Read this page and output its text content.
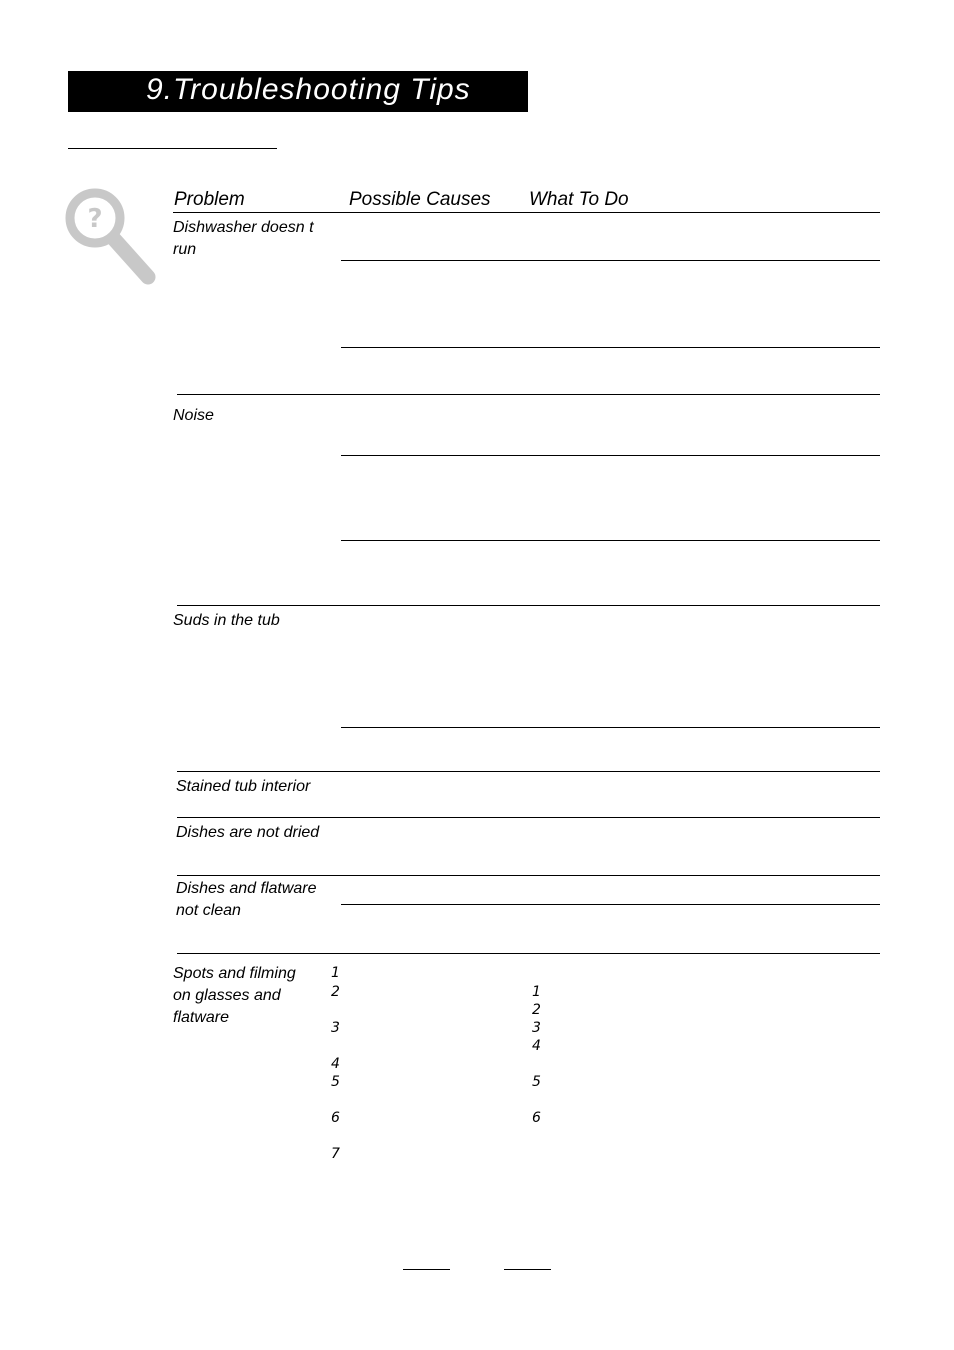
9.Troubleshooting Tips
?
Problem	Possible Causes What To Do
Dishwasher doesn t
run
Noise
Suds in the tub
Stained tub interior
Dishes are not dried
Dishes and flatware
not clean
Spots and filming
on glasses and
flatware
1
2
3
4
5
6
7
1
2
3
4
5
6
